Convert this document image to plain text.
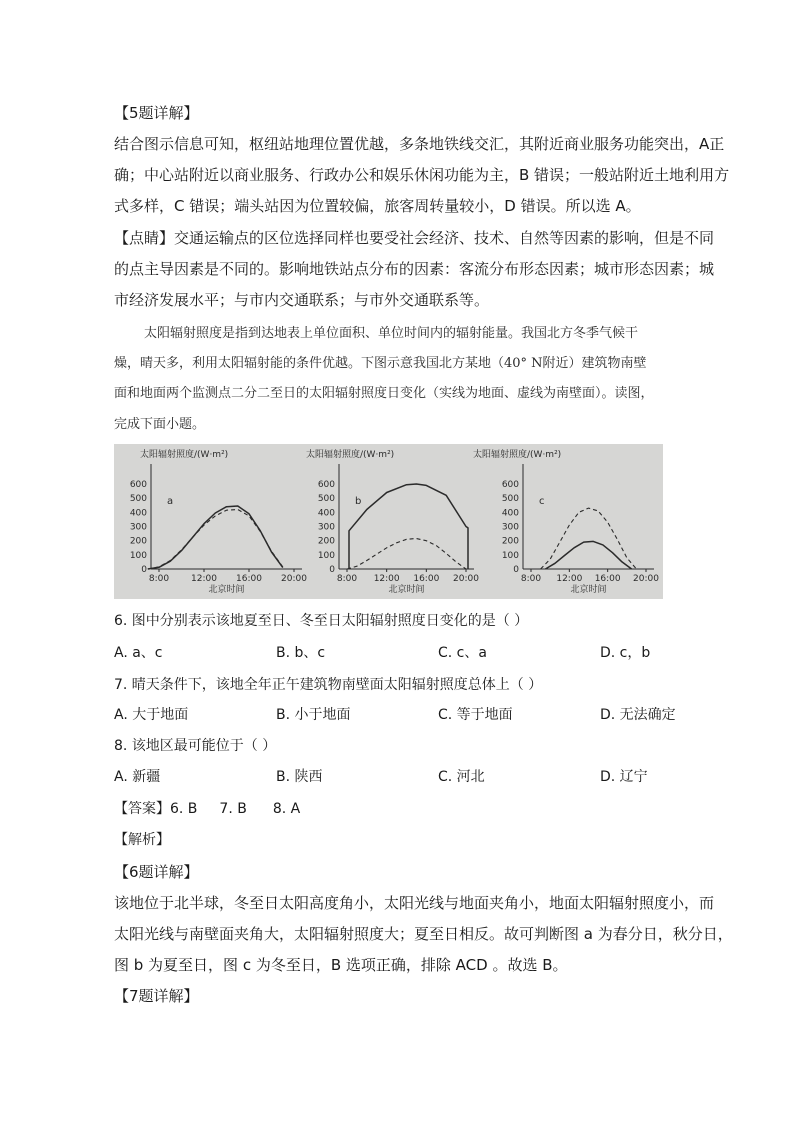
【5题详解】
结合图示信息可知，枢纽站地理位置优越，多条地铁线交汇，其附近商业服务功能突出，A正
确；中心站附近以商业服务、行政办公和娱乐休闲功能为主，B 错误；一般站附近土地利用方
式多样，C 错误；端头站因为位置较偏，旅客周转量较小，D 错误。所以选 A。
【点睛】交通运输点的区位选择同样也要受社会经济、技术、自然等因素的影响，但是不同
的点主导因素是不同的。影响地铁站点分布的因素：客流分布形态因素；城市形态因素；城
市经济发展水平；与市内交通联系；与市外交通联系等。
太阳辐射照度是指到达地表上单位面积、单位时间内的辐射能量。我国北方冬季气候干
燥，晴天多，利用太阳辐射能的条件优越。下图示意我国北方某地（40° N附近）建筑物南壁
面和地面两个监测点二分二至日的太阳辐射照度日变化（实线为地面、虚线为南壁面）。读图，
完成下面小题。
太阳辐射照度/(W·m²)
0
100
200
300
400
500
600
8:00 12:00 16:00 20:00
北京时间
a
太阳辐射照度/(W·m²)
0
100
200
300
400
500
600
8:00 12:00 16:00 20:00
北京时间
b
太阳辐射照度/(W·m²)
0
100
200
300
400
500
600
8:00 12:00 16:00 20:00
北京时间
c
6. 图中分别表示该地夏至日、冬至日太阳辐射照度日变化的是（ ）
A. a、c	B. b、c	C. c、a	D. c，b
7. 晴天条件下，该地全年正午建筑物南壁面太阳辐射照度总体上（ ）
A. 大于地面	B. 小于地面	C. 等于地面	D. 无法确定
8. 该地区最可能位于（ ）
A. 新疆	B. 陕西	C. 河北	D. 辽宁
【答案】6. B 7. B 8. A
【解析】
【6题详解】
该地位于北半球，冬至日太阳高度角小，太阳光线与地面夹角小，地面太阳辐射照度小，而
太阳光线与南壁面夹角大，太阳辐射照度大；夏至日相反。故可判断图 a 为春分日，秋分日，
图 b 为夏至日，图 c 为冬至日，B 选项正确，排除 ACD 。故选 B。
【7题详解】
